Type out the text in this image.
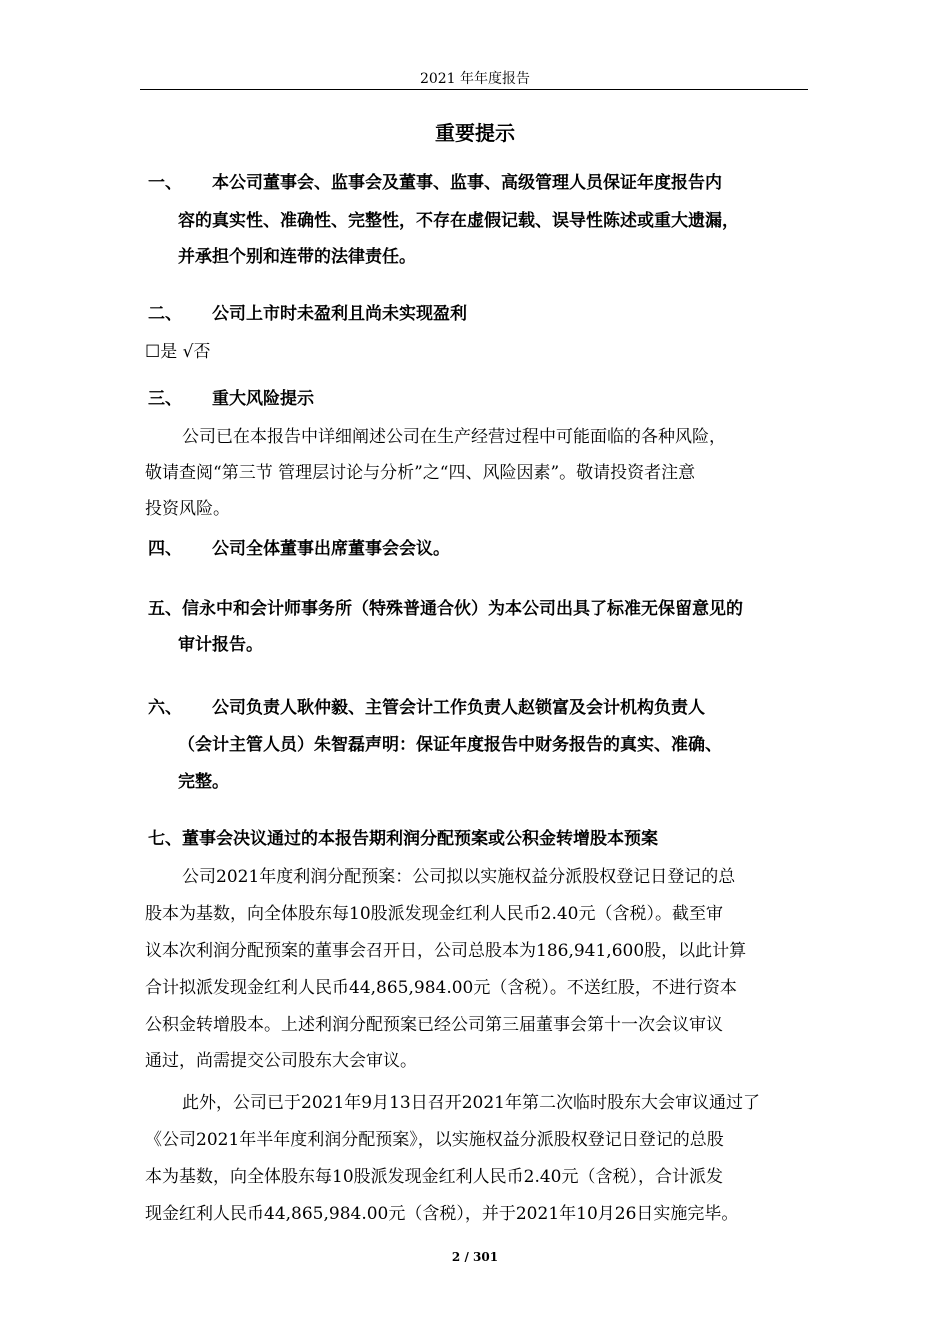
2021 年年度报告
重要提示
一、 本公司董事会、监事会及董事、监事、高级管理人员保证年度报告内
容的真实性、准确性、完整性，不存在虚假记载、误导性陈述或重大遗漏，
并承担个别和连带的法律责任。
二、 公司上市时未盈利且尚未实现盈利
☐是 √否
三、 重大风险提示
公司已在本报告中详细阐述公司在生产经营过程中可能面临的各种风险，
敬请查阅“第三节 管理层讨论与分析”之“四、风险因素”。敬请投资者注意
投资风险。
四、 公司全体董事出席董事会会议。
五、信永中和会计师事务所（特殊普通合伙）为本公司出具了标准无保留意见的
审计报告。
六、 公司负责人耿仲毅、主管会计工作负责人赵锁富及会计机构负责人
（会计主管人员）朱智磊声明：保证年度报告中财务报告的真实、准确、
完整。
七、董事会决议通过的本报告期利润分配预案或公积金转增股本预案
公司2021年度利润分配预案：公司拟以实施权益分派股权登记日登记的总
股本为基数，向全体股东每10股派发现金红利人民币2.40元（含税）。截至审
议本次利润分配预案的董事会召开日，公司总股本为186,941,600股，以此计算
合计拟派发现金红利人民币44,865,984.00元（含税）。不送红股，不进行资本
公积金转增股本。上述利润分配预案已经公司第三届董事会第十一次会议审议
通过，尚需提交公司股东大会审议。
此外，公司已于2021年9月13日召开2021年第二次临时股东大会审议通过了
《公司2021年半年度利润分配预案》，以实施权益分派股权登记日登记的总股
本为基数，向全体股东每10股派发现金红利人民币2.40元（含税），合计派发
现金红利人民币44,865,984.00元（含税），并于2021年10月26日实施完毕。
2 / 301
